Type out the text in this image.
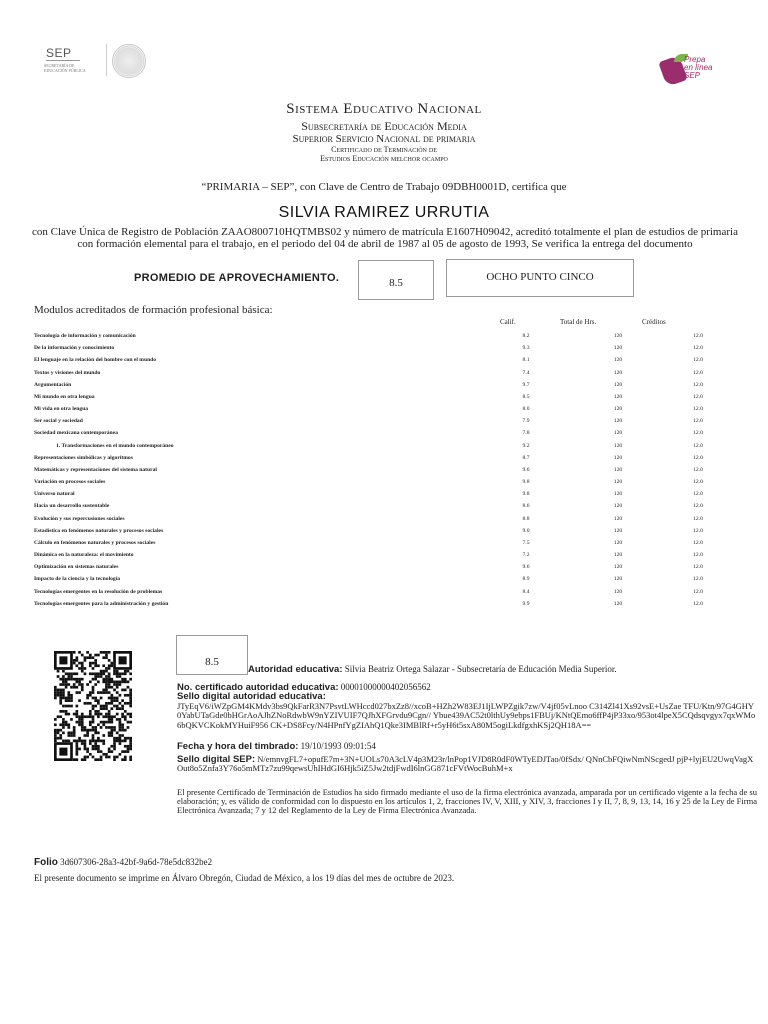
SEP
SECRETARÍA DE EDUCACIÓN PÚBLICA
Prepa en línea SEP
Sistema Educativo Nacional
Subsecretaría de Educación Media
Superior Servicio Nacional de primaria
Certificado de Terminación de
Estudios Educación melchor ocampo
“PRIMARIA – SEP”, con Clave de Centro de Trabajo 09DBH0001D, certifica que
SILVIA RAMIREZ URRUTIA
con Clave Única de Registro de Población ZAAO800710HQTMBS02 y número de matrícula E1607H09042, acreditó totalmente el plan de estudios de primaria con formación elemental para el trabajo, en el periodo del 04 de abril de 1987 al 05 de agosto de 1993, Se verifica la entrega del documento
PROMEDIO DE APROVECHAMIENTO.	8.5	OCHO PUNTO CINCO
Modulos acreditados de formación profesional básica:
Calif.	Total de Hrs.	Créditos
Tecnología de información y comunicación	8.2	120	12.0
De la información y conocimiento	9.3	120	12.0
El lenguaje en la relación del hombre con el mundo	8.1	120	12.0
Textos y visiones del mundo	7.4	120	12.0
Argumentación	9.7	120	12.0
Mi mundo en otra lengua	8.5	120	12.0
Mi vida en otra lengua	8.0	120	12.0
Ser social y sociedad	7.9	120	12.0
Sociedad mexicana contemporánea	7.8	120	12.0
1. Transformaciones en el mundo contemporáneo	9.2	120	12.0
Representaciones simbólicas y algoritmos	8.7	120	12.0
Matemáticas y representaciones del sistema natural	9.6	120	12.0
Variación en procesos sociales	9.8	120	12.0
Universo natural	9.8	120	12.0
Hacia un desarrollo sustentable	8.6	120	12.0
Evolución y sus repercusiones sociales	8.8	120	12.0
Estadística en fenómenos naturales y procesos sociales	9.0	120	12.0
Cálculo en fenómenos naturales y procesos sociales	7.5	120	12.0
Dinámica en la naturaleza: el movimiento	7.2	120	12.0
Optimización en sistemas naturales	9.6	120	12.0
Impacto de la ciencia y la tecnología	8.9	120	12.0
Tecnologías emergentes en la resolución de problemas	8.4	120	12.0
Tecnologías emergentes para la administración y gestión	9.9	120	12.0
8.5
Autoridad educativa: Silvia Beatriz Ortega Salazar - Subsecretaría de Educación Media Superior.
No. certificado autoridad educativa: 00001000000402056562
Sello digital autoridad educativa:
JTyEqV6/iWZpGM4KMdv3bs9QkFarR3N7PsvtLWHccd027bxZz8//xcoB+HZh2W83EJ1IjLWPZgik7zw/V4jf05vLnoo C314Zl41Xs92vsE+UsZae TFU/Ktn/97G4GHY0YabUTaGde0bHGrAoAJhZNoRdwbW9nYZIVUIF7QJhXFGrvdu9Cgn// Ybue439AC52t0lthUy9ebps1FBUj/KNtQEmo6ffP4jP33xo/953ot4lpeX5CQdsqvgyx7qxWMo6bQKVCKokMYHuiF956 CK+DS8Fcy/N4HPnfYgZIAhQ1Qke3IMBlRf+r5yH6t5sxA80M5ogiLkdfgxhKSj2QH18A==
Fecha y hora del timbrado: 19/10/1993 09:01:54
Sello digital SEP: N/emnvgFL7+opufE7m+3N+UOLs70A3cLV4p3M23r/lnPop1VJD8R0dF0WTyEDJTao/0fSdx/ QNnCbFQiwNmNScgedJ pjP+lyjEU2UwqVagXOut8o5Znfa3Y76o5mMTz7zu99qewsUhIHdGI6Hjk5iZ5Jw2tdjFwdI6lnGG871cFVtWocBuhM+x
El presente Certificado de Terminación de Estudios ha sido firmado mediante el uso de la firma electrónica avanzada, amparada por un certificado vigente a la fecha de su elaboración; y, es válido de conformidad con lo dispuesto en los artículos 1, 2, fracciones IV, V, XIII, y XIV, 3, fracciones I y II, 7, 8, 9, 13, 14, 16 y 25 de la Ley de Firma Electrónica Avanzada; 7 y 12 del Reglamento de la Ley de Firma Electrónica Avanzada.
Folio 3d607306-28a3-42bf-9a6d-78e5dc832be2
El presente documento se imprime en Álvaro Obregón, Ciudad de México, a los 19 días del mes de octubre de 2023.
